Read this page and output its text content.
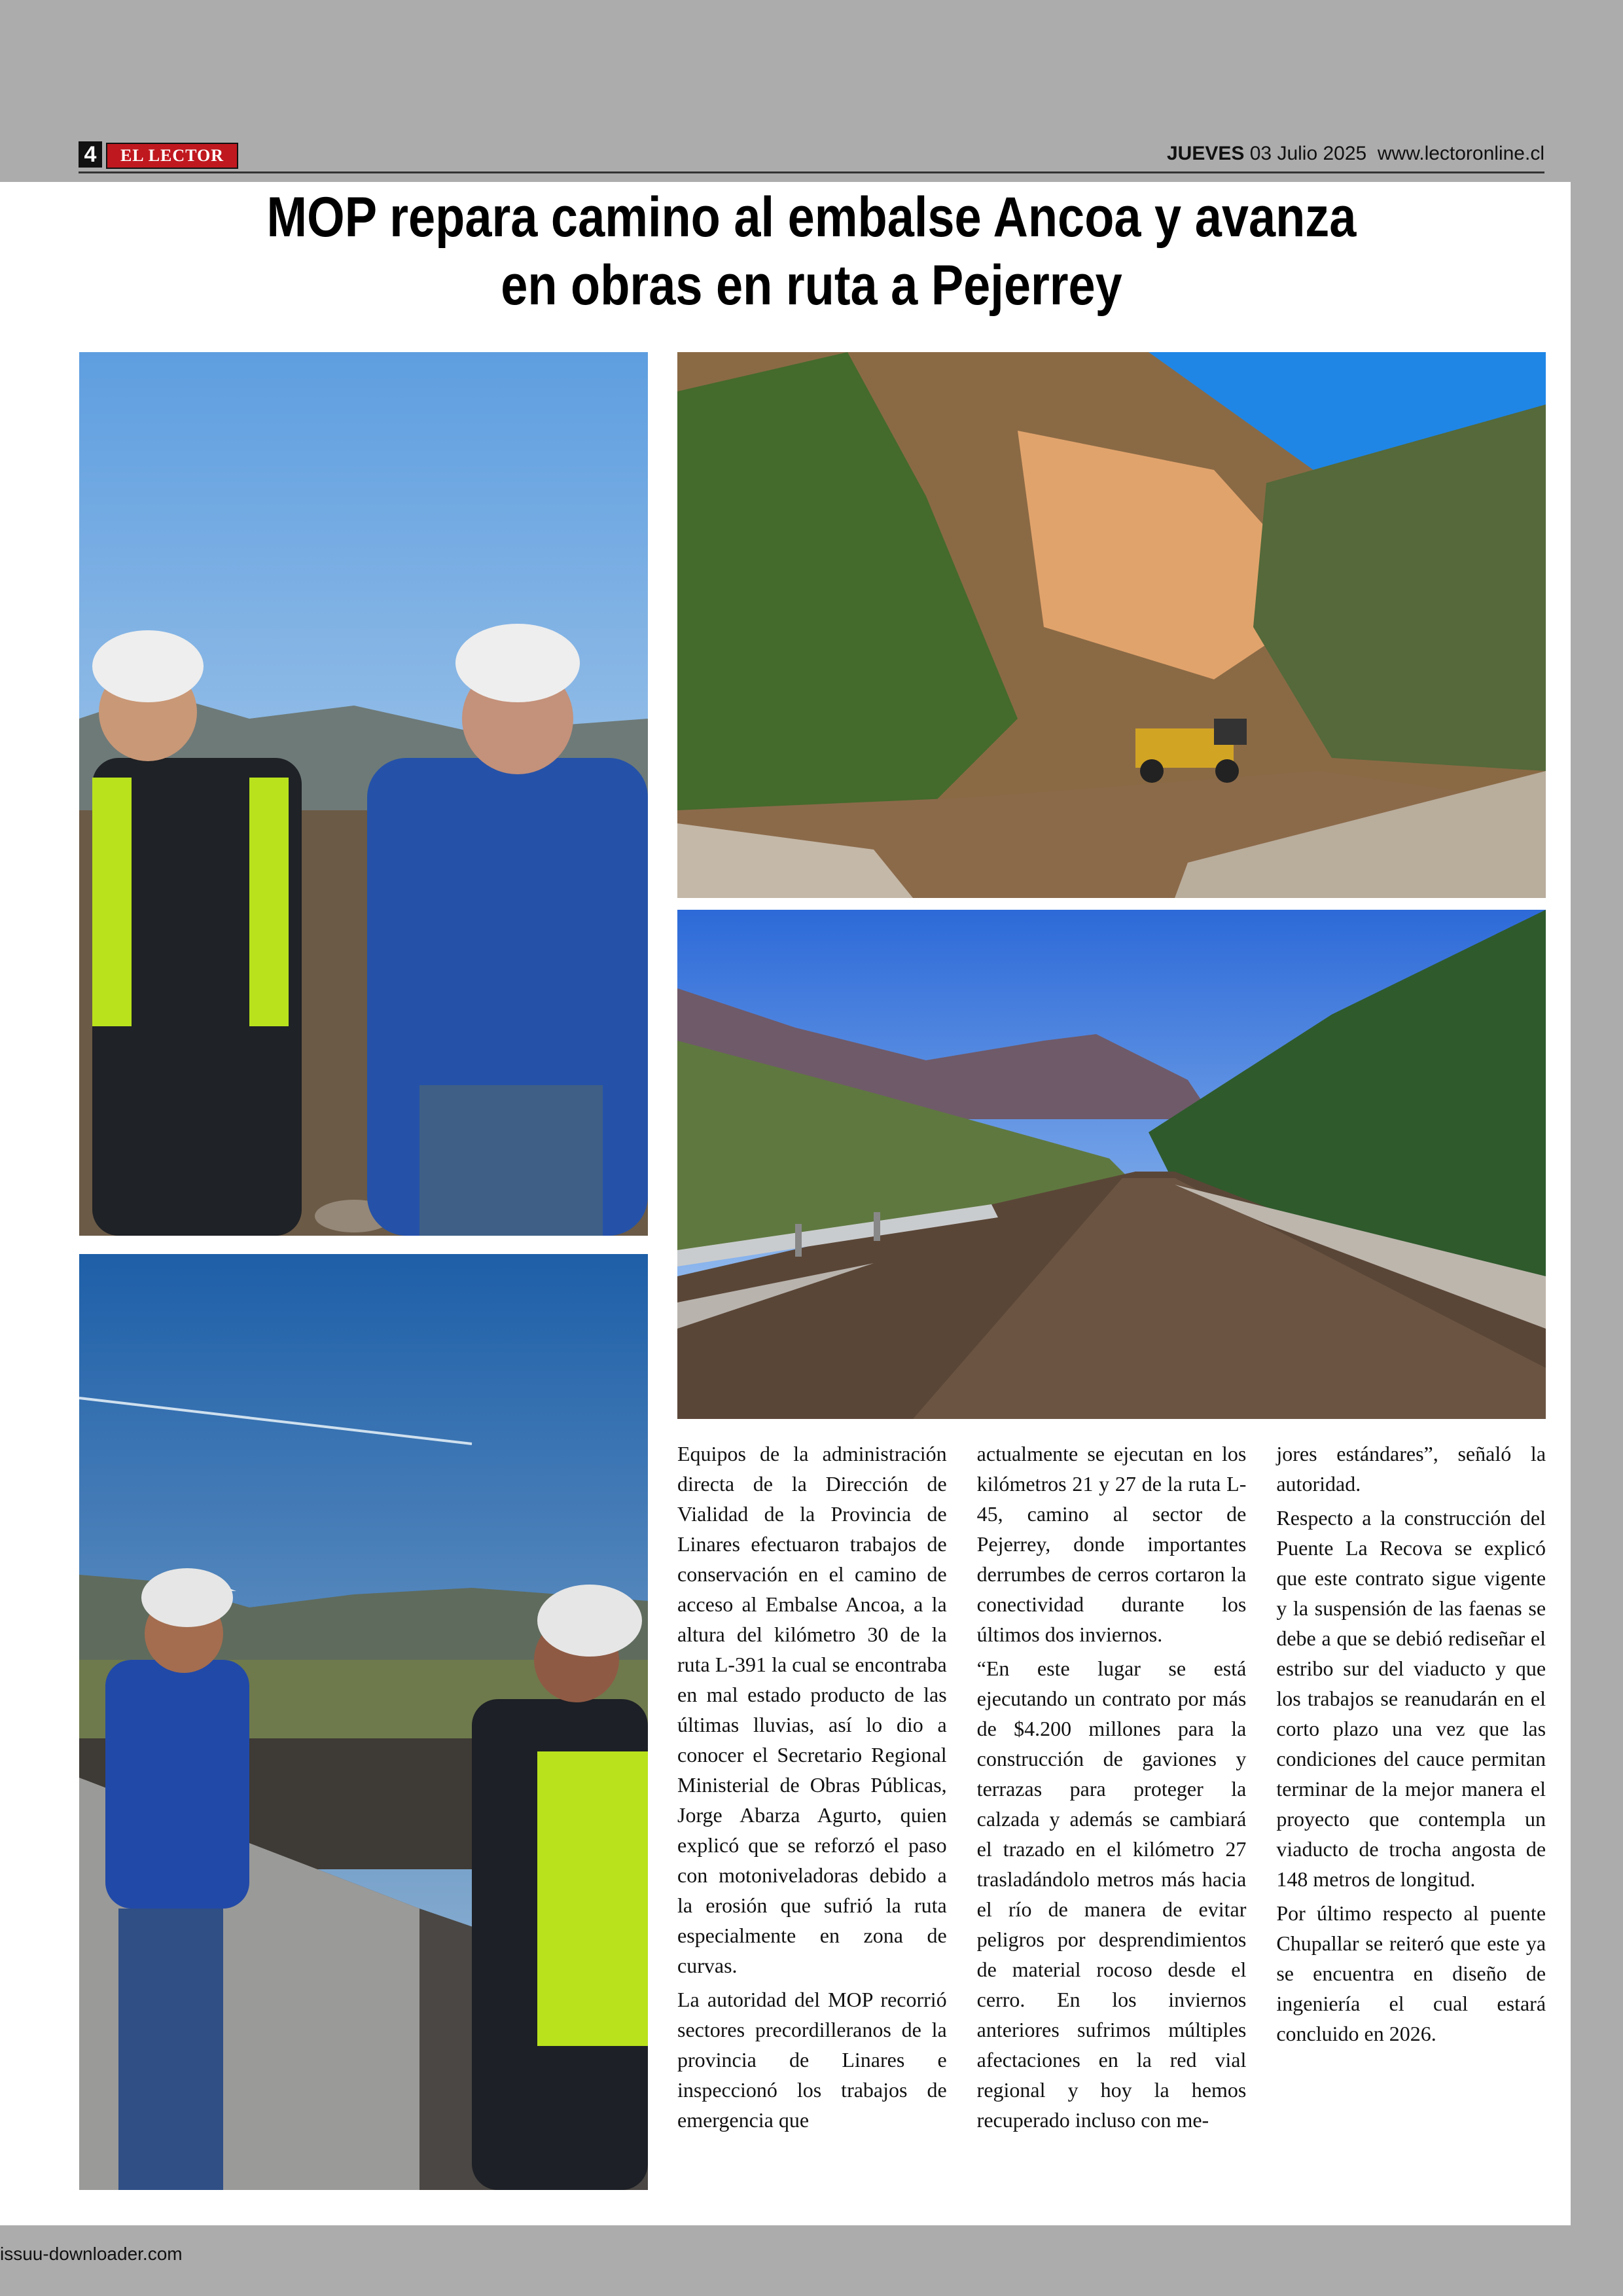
4	EL LECTOR	JUEVES 03 Julio 2025 www.lectoronline.cl
MOP repara camino al embalse Ancoa y avanza
en obras en ruta a Pejerrey

Equipos de la administración directa de la Dirección de Vialidad de la Provincia de Linares efectuaron trabajos de conservación en el camino de acceso al Embalse Ancoa, a la altura del kilómetro 30 de la ruta L-391 la cual se encontraba en mal estado producto de las últimas lluvias, así lo dio a conocer el Secretario Regional Ministerial de Obras Públicas, Jorge Abarza Agurto, quien explicó que se reforzó el paso con motoniveladoras debido a la erosión que sufrió la ruta especialmente en zona de curvas.

La autoridad del MOP recorrió sectores precordilleranos de la provincia de Linares e inspeccionó los trabajos de emergencia que

actualmente se ejecutan en los kilómetros 21 y 27 de la ruta L-45, camino al sector de Pejerrey, donde importantes derrumbes de cerros cortaron la conectividad durante los últimos dos inviernos.

“En este lugar se está ejecutando un contrato por más de $4.200 millones para la construcción de gaviones y terrazas para proteger la calzada y además se cambiará el trazado en el kilómetro 27 trasladándolo metros más hacia el río de manera de evitar peligros por desprendimientos de material rocoso desde el cerro. En los inviernos anteriores sufrimos múltiples afectaciones en la red vial regional y hoy la hemos recuperado incluso con me-

jores estándares”, señaló la autoridad.

Respecto a la construcción del Puente La Recova se explicó que este contrato sigue vigente y la suspensión de las faenas se debe a que se debió rediseñar el estribo sur del viaducto y que los trabajos se reanudarán en el corto plazo una vez que las condiciones del cauce permitan terminar de la mejor manera el proyecto que contempla un viaducto de trocha angosta de 148 metros de longitud.

Por último respecto al puente Chupallar se reiteró que este ya se encuentra en diseño de ingeniería el cual estará concluido en 2026.

issuu-downloader.com
